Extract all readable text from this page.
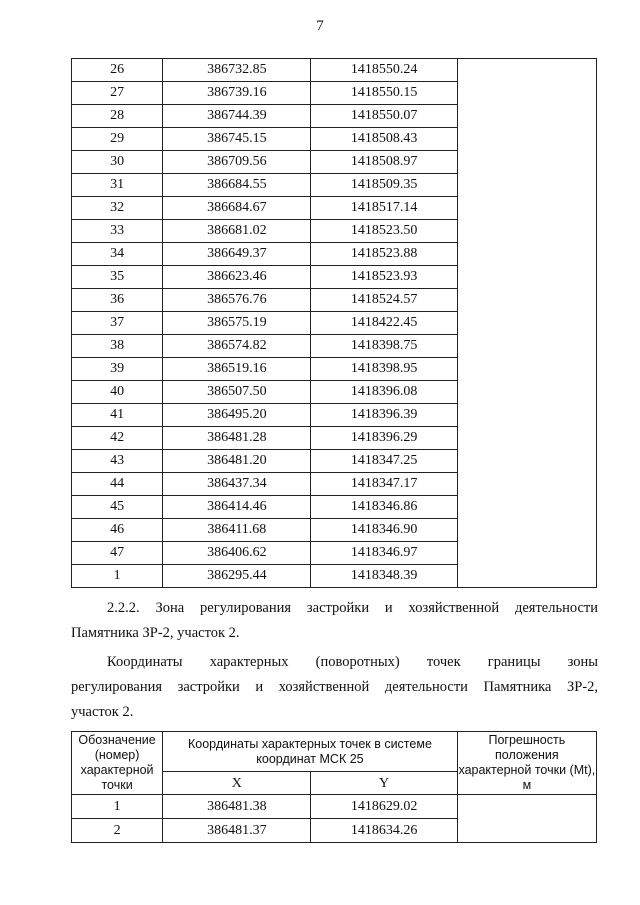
7
26	386732.85	1418550.24	
27	386739.16	1418550.15	
28	386744.39	1418550.07	
29	386745.15	1418508.43	
30	386709.56	1418508.97	
31	386684.55	1418509.35	
32	386684.67	1418517.14	
33	386681.02	1418523.50	
34	386649.37	1418523.88	
35	386623.46	1418523.93	
36	386576.76	1418524.57	
37	386575.19	1418422.45	
38	386574.82	1418398.75	
39	386519.16	1418398.95	
40	386507.50	1418396.08	
41	386495.20	1418396.39	
42	386481.28	1418396.29	
43	386481.20	1418347.25	
44	386437.34	1418347.17	
45	386414.46	1418346.86	
46	386411.68	1418346.90	
47	386406.62	1418346.97	
1	386295.44	1418348.39	
2.2.2. Зона регулирования застройки и хозяйственной деятельности
Памятника ЗР-2, участок 2.
Координаты характерных (поворотных) точек границы зоны
регулирования застройки и хозяйственной деятельности Памятника ЗР-2,
участок 2.
Обозначение (номер) характерной точки	Координаты характерных точек в системе координат МСК 25		Погрешность положения характерной точки (Mt), м
	X	Y	
1	386481.38	1418629.02	
2	386481.37	1418634.26	
